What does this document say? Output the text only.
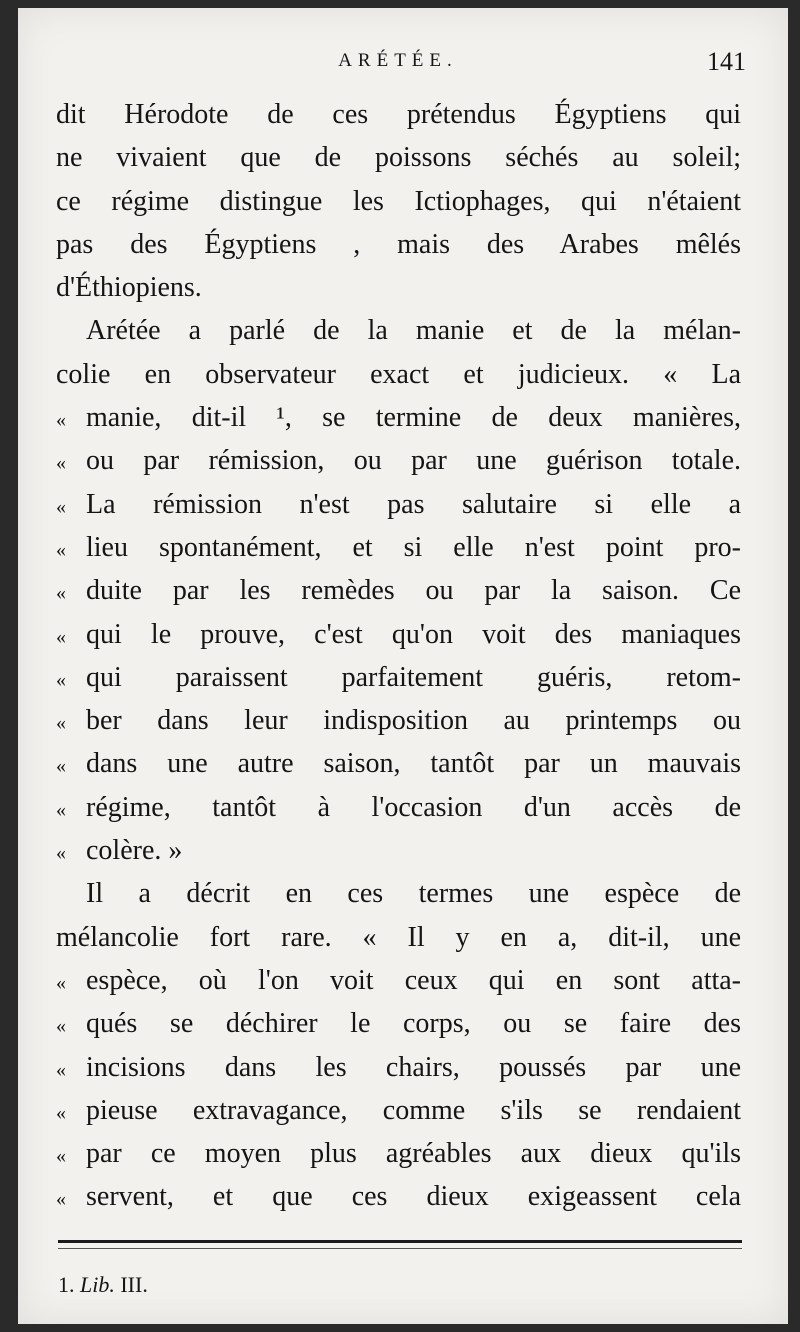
ARÉTÉE.	141
dit Hérodote de ces prétendus Égyptiens qui
ne vivaient que de poissons séchés au soleil;
ce régime distingue les Ictiophages, qui n'étaient
pas des Égyptiens , mais des Arabes mêlés
d'Éthiopiens.
Arétée a parlé de la manie et de la mélan-
colie en observateur exact et judicieux. « La
« manie, dit-il ¹, se termine de deux manières,
« ou par rémission, ou par une guérison totale.
« La rémission n'est pas salutaire si elle a
« lieu spontanément, et si elle n'est point pro-
« duite par les remèdes ou par la saison. Ce
« qui le prouve, c'est qu'on voit des maniaques
« qui paraissent parfaitement guéris, retom-
« ber dans leur indisposition au printemps ou
« dans une autre saison, tantôt par un mauvais
« régime, tantôt à l'occasion d'un accès de
« colère. »
Il a décrit en ces termes une espèce de
mélancolie fort rare. « Il y en a, dit-il, une
« espèce, où l'on voit ceux qui en sont atta-
« qués se déchirer le corps, ou se faire des
« incisions dans les chairs, poussés par une
« pieuse extravagance, comme s'ils se rendaient
« par ce moyen plus agréables aux dieux qu'ils
« servent, et que ces dieux exigeassent cela
1. Lib. III.
